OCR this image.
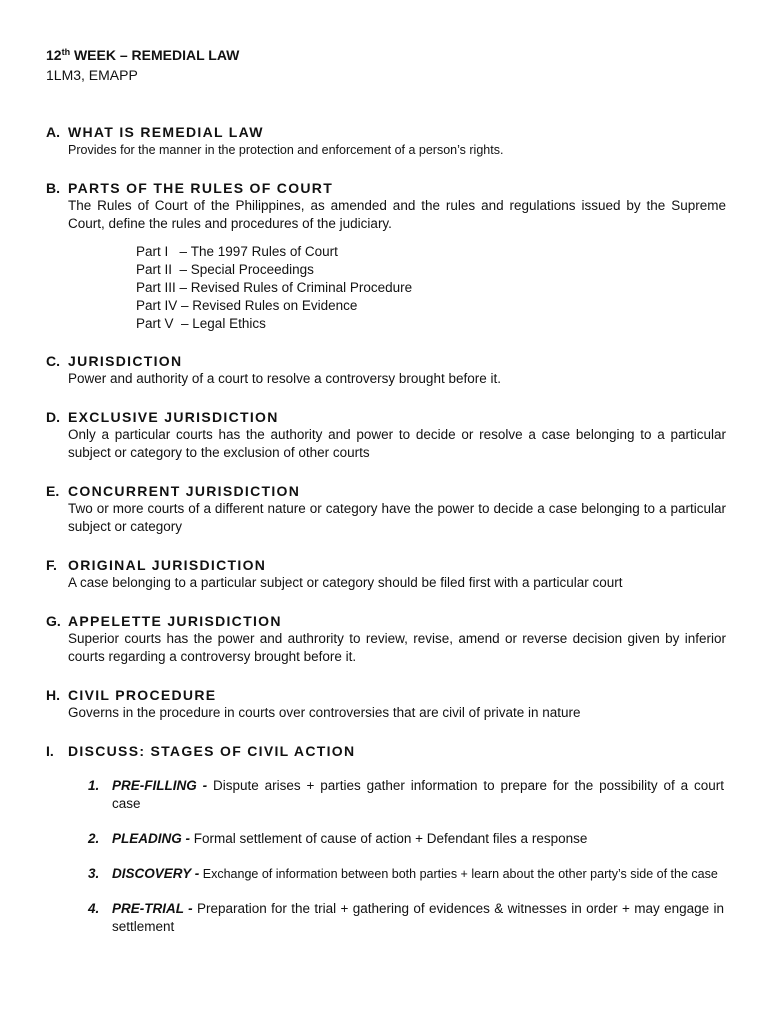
12th WEEK – REMEDIAL LAW
1LM3, EMAPP
A. WHAT IS REMEDIAL LAW
Provides for the manner in the protection and enforcement of a person’s rights.
B. PARTS OF THE RULES OF COURT
The Rules of Court of the Philippines, as amended and the rules and regulations issued by the Supreme Court, define the rules and procedures of the judiciary.
Part I   – The 1997 Rules of Court
Part II  – Special Proceedings
Part III – Revised Rules of Criminal Procedure
Part IV – Revised Rules on Evidence
Part V  – Legal Ethics
C. JURISDICTION
Power and authority of a court to resolve a controversy brought before it.
D. EXCLUSIVE JURISDICTION
Only a particular courts has the authority and power to decide or resolve a case belonging to a particular subject or category to the exclusion of other courts
E. CONCURRENT JURISDICTION
Two or more courts of a different nature or category have the power to decide a case belonging to a particular subject or category
F. ORIGINAL JURISDICTION
A case belonging to a particular subject or category should be filed first with a particular court
G. APPELETTE JURISDICTION
Superior courts has the power and authrority to review, revise, amend or reverse decision given by inferior courts regarding a controversy brought before it.
H. CIVIL PROCEDURE
Governs in the procedure in courts over controversies that are civil of private in nature
I. DISCUSS: STAGES OF CIVIL ACTION
1. PRE-FILLING - Dispute arises + parties gather information to prepare for the possibility of a court case
2. PLEADING - Formal settlement of cause of action + Defendant files a response
3. DISCOVERY - Exchange of information between both parties + learn about the other party’s side of the case
4. PRE-TRIAL - Preparation for the trial + gathering of evidences & witnesses in order + may engage in settlement
